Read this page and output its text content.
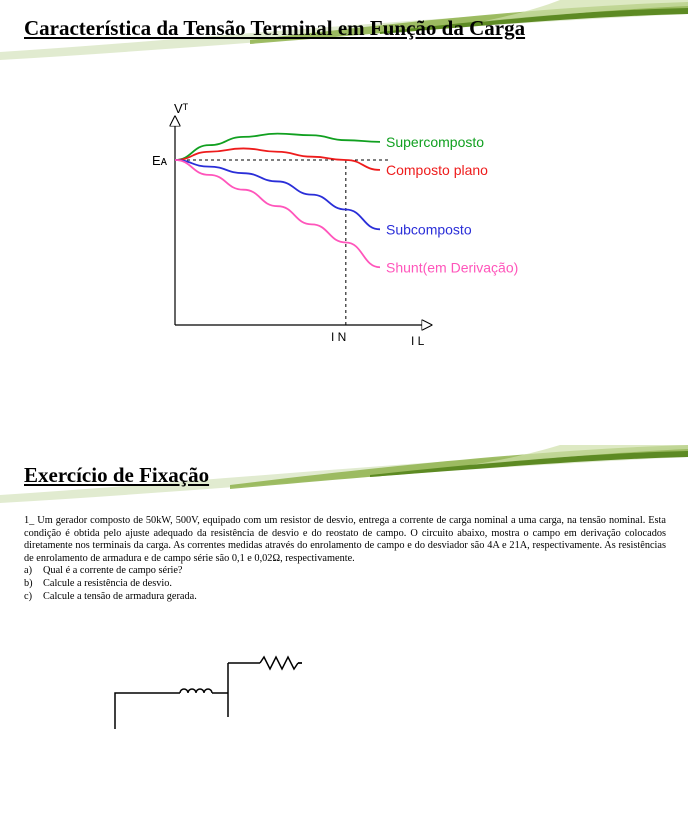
Característica da Tensão Terminal em Função da Carga
Vᵀ
Eᴀ
I N	I L
Supercomposto
Composto plano
Subcomposto
Shunt(em Derivação)
Exercício de Fixação

1_ Um gerador composto de 50kW, 500V, equipado com um resistor de desvio, entrega a corrente de carga nominal a uma carga, na tensão nominal. Esta condição é obtida pelo ajuste adequado da resistência de desvio e do reostato de campo. O circuito abaixo, mostra o campo em derivação colocados diretamente nos terminais da carga. As correntes medidas através do enrolamento de campo e do desviador são 4A e 21A, respectivamente. As resistências de enrolamento de armadura e de campo série são 0,1 e 0,02Ω, respectivamente.

a)	Qual é a corrente de campo série?
b)	Calcule a resistência de desvio.
c)	Calcule a tensão de armadura gerada.
